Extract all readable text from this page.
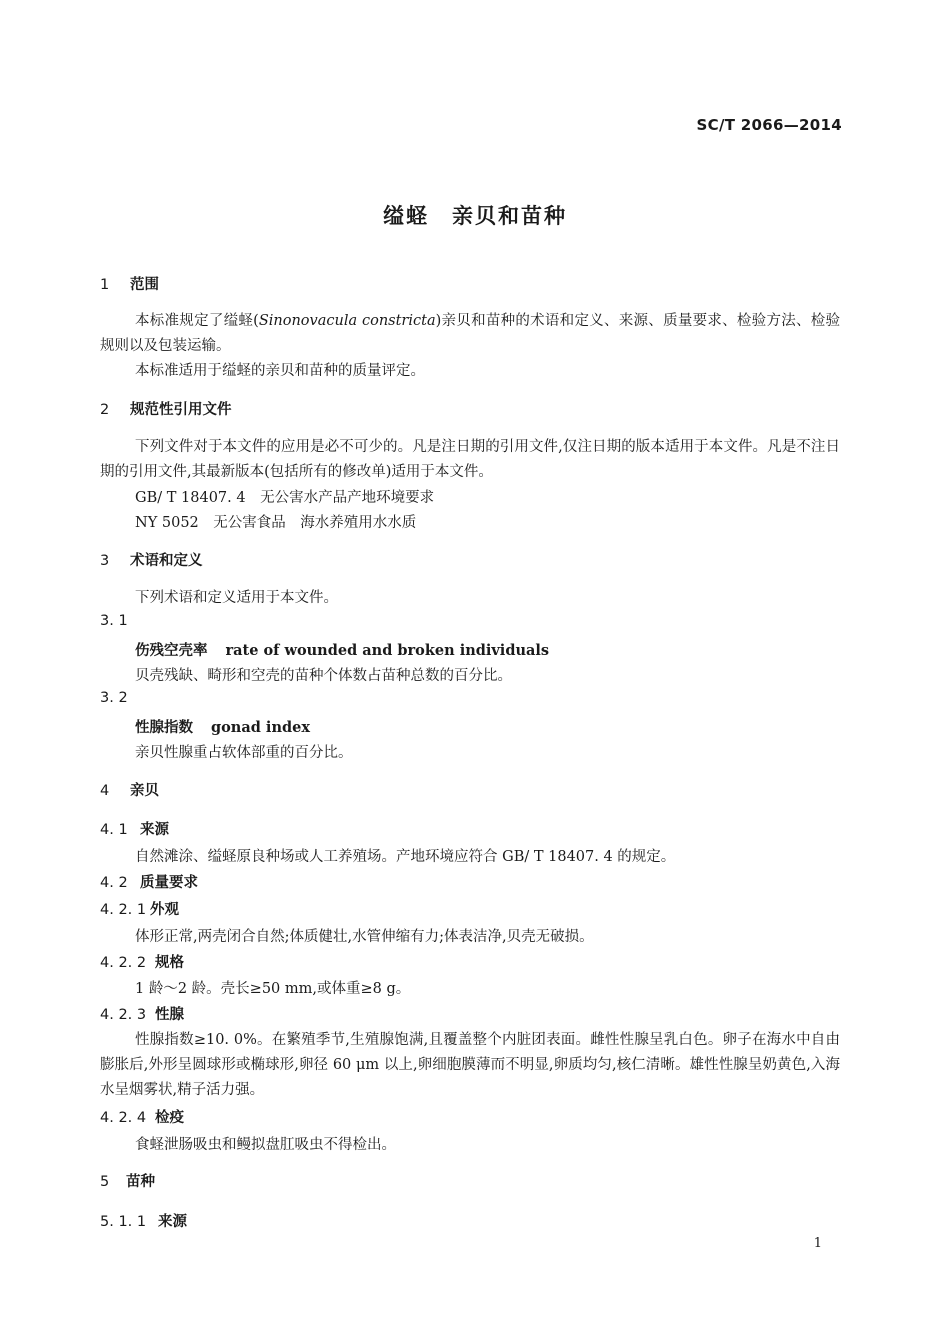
SC/T 2066—2014
缢蛏　亲贝和苗种
1 范围
本标准规定了缢蛏(Sinonovacula constricta)亲贝和苗种的术语和定义、来源、质量要求、检验方法、检验规则以及包装运输。
本标准适用于缢蛏的亲贝和苗种的质量评定。
2 规范性引用文件
下列文件对于本文件的应用是必不可少的。凡是注日期的引用文件,仅注日期的版本适用于本文件。凡是不注日期的引用文件,其最新版本(包括所有的修改单)适用于本文件。
GB/ T 18407. 4　无公害水产品产地环境要求
NY 5052　无公害食品　海水养殖用水水质
3 术语和定义
下列术语和定义适用于本文件。
3. 1
伤残空壳率 rate of wounded and broken individuals
贝壳残缺、畸形和空壳的苗种个体数占苗种总数的百分比。
3. 2
性腺指数 gonad index
亲贝性腺重占软体部重的百分比。
4 亲贝
4. 1 来源
自然滩涂、缢蛏原良种场或人工养殖场。产地环境应符合 GB/ T 18407. 4 的规定。
4. 2 质量要求
4. 2. 1 外观
体形正常,两壳闭合自然;体质健壮,水管伸缩有力;体表洁净,贝壳无破损。
4. 2. 2 规格
1 龄～2 龄。壳长≥50 mm,或体重≥8 g。
4. 2. 3 性腺
性腺指数≥10. 0%。在繁殖季节,生殖腺饱满,且覆盖整个内脏团表面。雌性性腺呈乳白色。卵子在海水中自由膨胀后,外形呈圆球形或椭球形,卵径 60 μm 以上,卵细胞膜薄而不明显,卵质均匀,核仁清晰。雄性性腺呈奶黄色,入海水呈烟雾状,精子活力强。
4. 2. 4 检疫
食蛏泄肠吸虫和鳗拟盘肛吸虫不得检出。
5 苗种
5. 1. 1 来源
1
